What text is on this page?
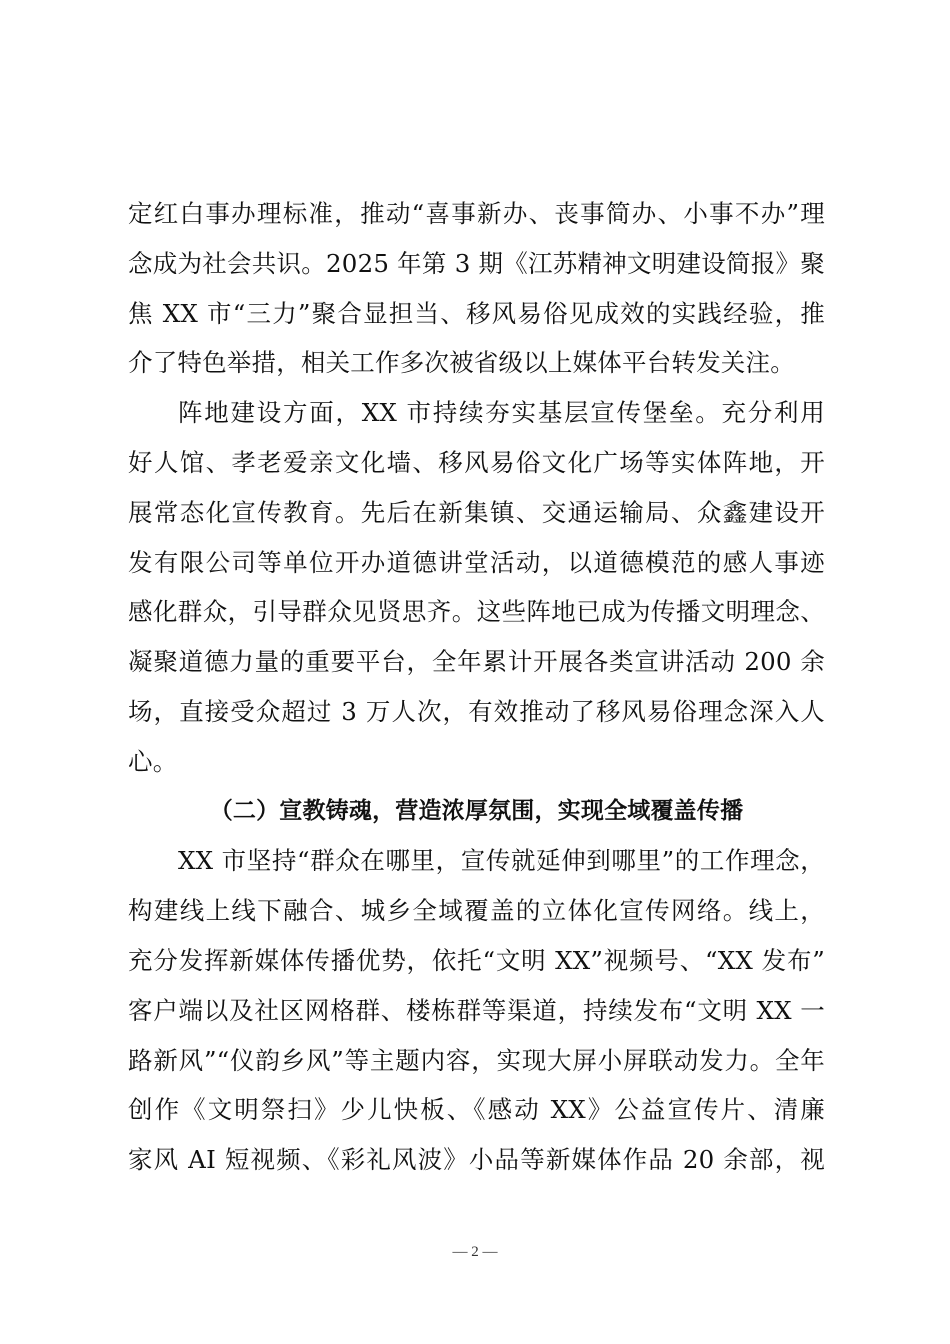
定红白事办理标准，推动“喜事新办、丧事简办、小事不办”理
念成为社会共识。2025 年第 3 期《江苏精神文明建设简报》聚
焦 XX 市“三力”聚合显担当、移风易俗见成效的实践经验，推
介了特色举措，相关工作多次被省级以上媒体平台转发关注。
阵地建设方面，XX 市持续夯实基层宣传堡垒。充分利用
好人馆、孝老爱亲文化墙、移风易俗文化广场等实体阵地，开
展常态化宣传教育。先后在新集镇、交通运输局、众鑫建设开
发有限公司等单位开办道德讲堂活动，以道德模范的感人事迹
感化群众，引导群众见贤思齐。这些阵地已成为传播文明理念、
凝聚道德力量的重要平台，全年累计开展各类宣讲活动 200 余
场，直接受众超过 3 万人次，有效推动了移风易俗理念深入人
心。
（二）宣教铸魂，营造浓厚氛围，实现全域覆盖传播
XX 市坚持“群众在哪里，宣传就延伸到哪里”的工作理念，
构建线上线下融合、城乡全域覆盖的立体化宣传网络。线上，
充分发挥新媒体传播优势，依托“文明 XX”视频号、“XX 发布”
客户端以及社区网格群、楼栋群等渠道，持续发布“文明 XX 一
路新风”“仪韵乡风”等主题内容，实现大屏小屏联动发力。全年
创作《文明祭扫》少儿快板、《感动 XX》公益宣传片、清廉
家风 AI 短视频、《彩礼风波》小品等新媒体作品 20 余部，视
— 2 —
